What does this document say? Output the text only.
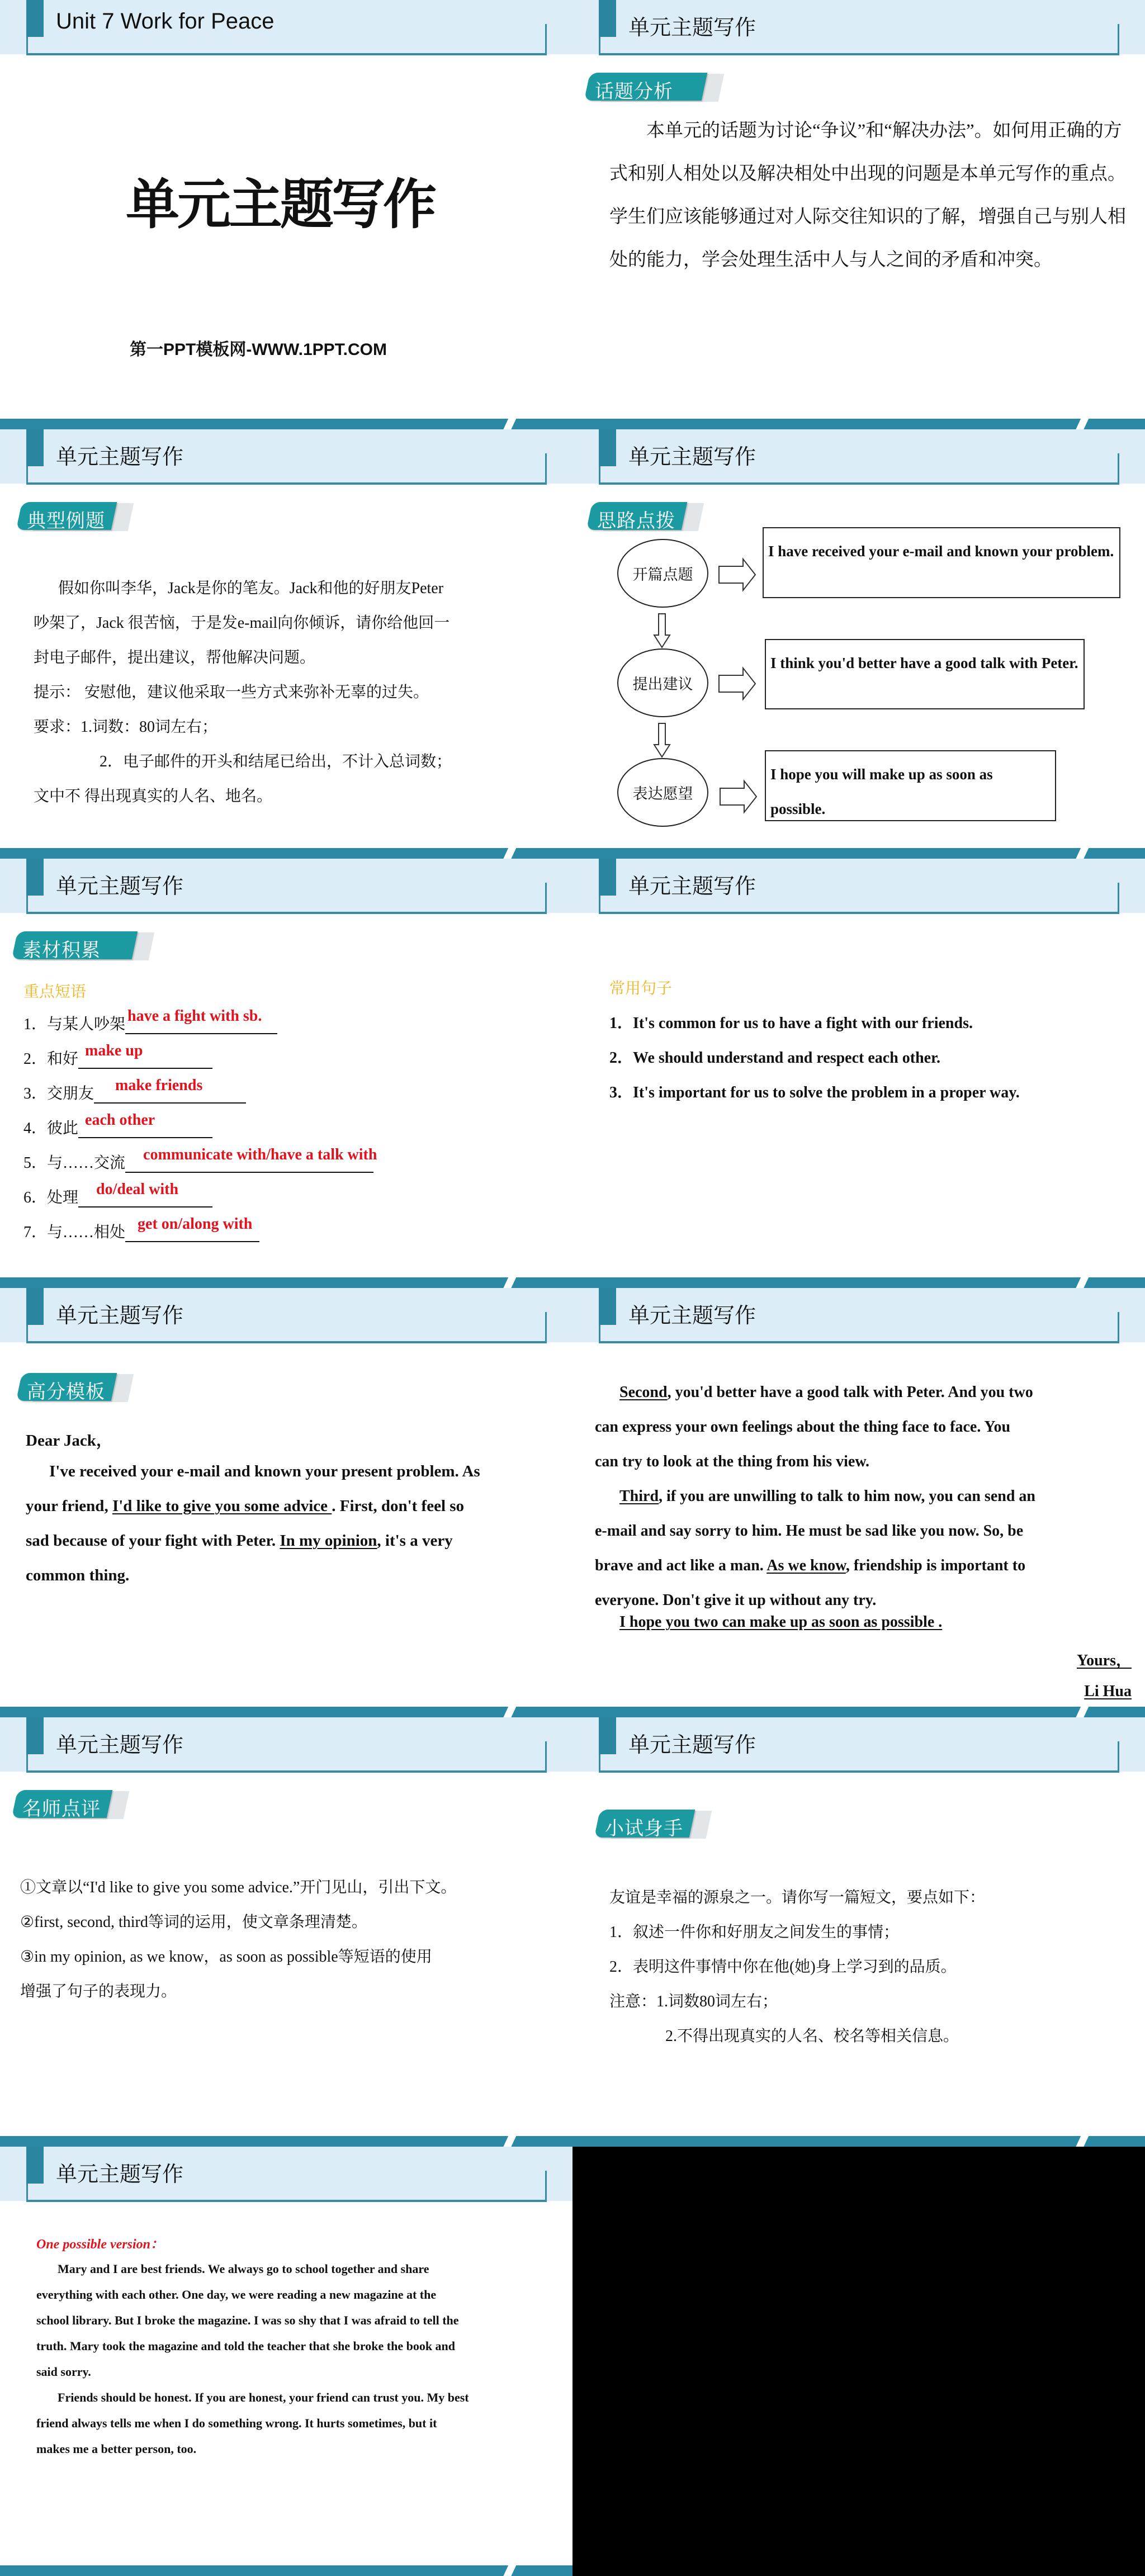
Unit 7 Work for Peace
单元主题写作
第一PPT模板网-WWW.1PPT.COM
单元主题写作
话题分析
本单元的话题为讨论“争议”和“解决办法”。如何用正确的方式和别人相处以及解决相处中出现的问题是本单元写作的重点。学生们应该能够通过对人际交往知识的了解，增强自己与别人相处的能力，学会处理生活中人与人之间的矛盾和冲突。
单元主题写作
典型例题
假如你叫李华，Jack是你的笔友。Jack和他的好朋友Peter
吵架了，Jack 很苦恼，于是发e-mail向你倾诉，请你给他回一
封电子邮件，提出建议，帮他解决问题。
提示： 安慰他，建议他采取一些方式来弥补无辜的过失。
要求：1.词数：80词左右；
2．电子邮件的开头和结尾已给出，不计入总词数；
文中不 得出现真实的人名、地名。
单元主题写作
思路点拨
开篇点题
提出建议
表达愿望
I have received your e-mail and known your problem.
I think you'd better have a good talk with Peter.
I hope you will make up as soon as possible.
单元主题写作
素材积累
重点短语
1．与某人吵架 have a fight with sb.
2．和好 make up
3．交朋友 make friends
4．彼此 each other
5．与……交流 communicate with/have a talk with
6．处理 do/deal with
7．与……相处 get on/along with
单元主题写作
常用句子
1．It's common for us to have a fight with our friends.
2．We should understand and respect each other.
3．It's important for us to solve the problem in a proper way.
单元主题写作
高分模板
Dear Jack，
I've received your e-mail and known your present problem. As
your friend, I'd like to give you some advice . First, don't feel so
sad because of your fight with Peter. In my opinion, it's a very
common thing.
单元主题写作
Second, you'd better have a good talk with Peter. And you two
can express your own feelings about the thing face to face. You
can try to look at the thing from his view.
Third, if you are unwilling to talk to him now, you can send an
e-mail and say sorry to him. He must be sad like you now. So, be
brave and act like a man. As we know, friendship is important to
everyone. Don't give it up without any try.
I hope you two can make up as soon as possible .
Yours，
Li Hua
单元主题写作
名师点评
①文章以“I'd like to give you some advice.”开门见山，引出下文。
②first, second, third等词的运用，使文章条理清楚。
③in my opinion, as we know，as soon as possible等短语的使用
增强了句子的表现力。
单元主题写作
小试身手
友谊是幸福的源泉之一。请你写一篇短文，要点如下：
1．叙述一件你和好朋友之间发生的事情；
2．表明这件事情中你在他(她)身上学习到的品质。
注意：1.词数80词左右；
2.不得出现真实的人名、校名等相关信息。
单元主题写作
One possible version：
Mary and I are best friends. We always go to school together and share
everything with each other. One day, we were reading a new magazine at the
school library. But I broke the magazine. I was so shy that I was afraid to tell the
truth. Mary took the magazine and told the teacher that she broke the book and
said sorry.
Friends should be honest. If you are honest, your friend can trust you. My best
friend always tells me when I do something wrong. It hurts sometimes, but it
makes me a better person, too.
